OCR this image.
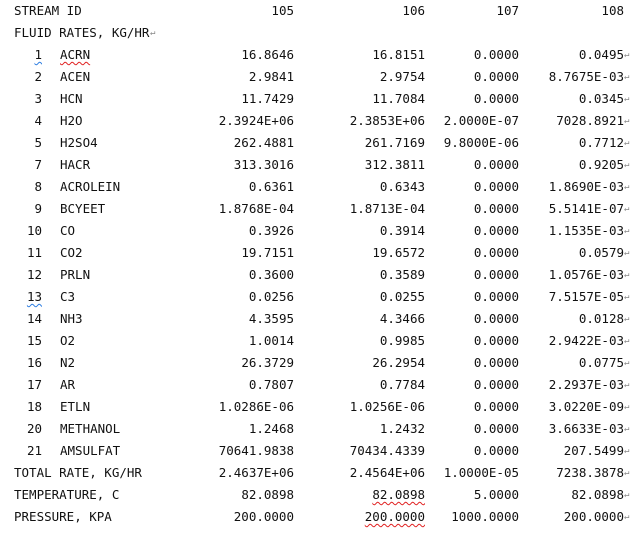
STREAM ID	105	106	107	108
FLUID RATES, KG/HR ↵
1 ACRN	16.8646	16.8151	0.0000	0.0495 ↵
2 ACEN	2.9841	2.9754	0.0000 8.7675E-03 ↵
3 HCN	11.7429	11.7084	0.0000	0.0345 ↵
4 H2O	2.3924E+06	2.3853E+06 2.0000E-07	7028.8921 ↵
5 H2SO4	262.4881	261.7169 9.8000E-06	0.7712 ↵
7 HACR	313.3016	312.3811	0.0000	0.9205 ↵
8 ACROLEIN	0.6361	0.6343	0.0000 1.8690E-03 ↵
9 BCYEET	1.8768E-04	1.8713E-04	0.0000 5.5141E-07 ↵
10 CO	0.3926	0.3914	0.0000 1.1535E-03 ↵
11 CO2	19.7151	19.6572	0.0000	0.0579 ↵
12 PRLN	0.3600	0.3589	0.0000 1.0576E-03 ↵
13 C3	0.0256	0.0255	0.0000 7.5157E-05 ↵
14 NH3	4.3595	4.3466	0.0000	0.0128 ↵
15 O2	1.0014	0.9985	0.0000 2.9422E-03 ↵
16 N2	26.3729	26.2954	0.0000	0.0775 ↵
17 AR	0.7807	0.7784	0.0000 2.2937E-03 ↵
18 ETLN	1.0286E-06	1.0256E-06	0.0000 3.0220E-09 ↵
20 METHANOL	1.2468	1.2432	0.0000 3.6633E-03 ↵
21 AMSULFAT	70641.9838	70434.4339	0.0000	207.5499 ↵
TOTAL RATE, KG/HR	2.4637E+06	2.4564E+06 1.0000E-05	7238.3878 ↵
TEMPERATURE, C	82.0898	82.0898	5.0000	82.0898 ↵
PRESSURE, KPA	200.0000	200.0000 1000.0000	200.0000 ↵
